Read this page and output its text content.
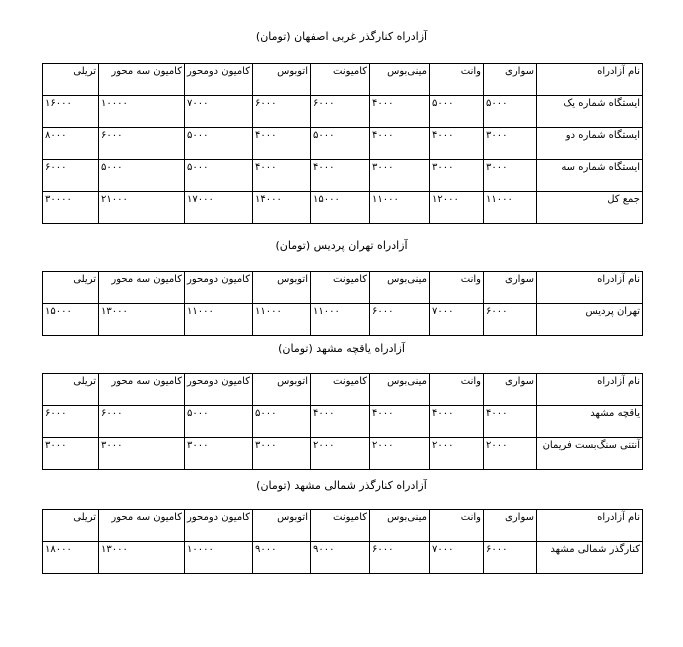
آزادراه کنارگذر غربی اصفهان (تومان)
نام آزادراه	سواری	وانت	مینی‌بوس	کامیونت	اتوبوس	کامیون دومحور	کامیون سه محور	تریلی
ایستگاه شماره یک	۵۰۰۰	۵۰۰۰	۴۰۰۰	۶۰۰۰	۶۰۰۰	۷۰۰۰	۱۰۰۰۰	۱۶۰۰۰
ایستگاه شماره دو	۳۰۰۰	۴۰۰۰	۴۰۰۰	۵۰۰۰	۴۰۰۰	۵۰۰۰	۶۰۰۰	۸۰۰۰
ایستگاه شماره سه	۳۰۰۰	۳۰۰۰	۳۰۰۰	۴۰۰۰	۴۰۰۰	۵۰۰۰	۵۰۰۰	۶۰۰۰
جمع کل	۱۱۰۰۰	۱۲۰۰۰	۱۱۰۰۰	۱۵۰۰۰	۱۴۰۰۰	۱۷۰۰۰	۲۱۰۰۰	۳۰۰۰۰
آزادراه تهران پردیس (تومان)
نام آزادراه	سواری	وانت	مینی‌بوس	کامیونت	اتوبوس	کامیون دومحور	کامیون سه محور	تریلی
تهران پردیس	۶۰۰۰	۷۰۰۰	۶۰۰۰	۱۱۰۰۰	۱۱۰۰۰	۱۱۰۰۰	۱۳۰۰۰	۱۵۰۰۰
آزادراه یاقچه مشهد (تومان)
نام آزادراه	سواری	وانت	مینی‌بوس	کامیونت	اتوبوس	کامیون دومحور	کامیون سه محور	تریلی
یاقچه مشهد	۴۰۰۰	۴۰۰۰	۴۰۰۰	۴۰۰۰	۵۰۰۰	۵۰۰۰	۶۰۰۰	۶۰۰۰
آنتنی سنگ‌بست فریمان	۲۰۰۰	۲۰۰۰	۲۰۰۰	۲۰۰۰	۳۰۰۰	۳۰۰۰	۳۰۰۰	۳۰۰۰
آزادراه کنارگذر شمالی مشهد (تومان)
نام آزادراه	سواری	وانت	مینی‌بوس	کامیونت	اتوبوس	کامیون دومحور	کامیون سه محور	تریلی
کنارگذر شمالی مشهد	۶۰۰۰	۷۰۰۰	۶۰۰۰	۹۰۰۰	۹۰۰۰	۱۰۰۰۰	۱۳۰۰۰	۱۸۰۰۰
